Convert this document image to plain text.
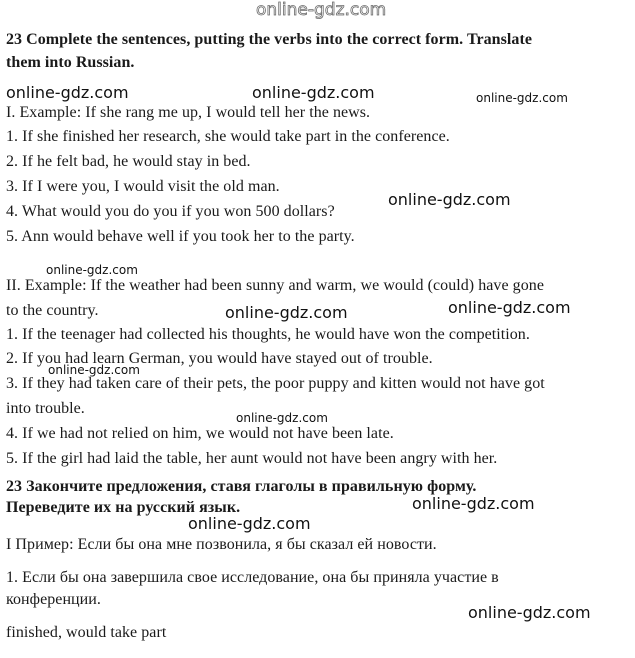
online-gdz.com
23 Complete the sentences, putting the verbs into the correct form. Translate
them into Russian.
I. Example: If she rang me up, I would tell her the news.
1. If she finished her research, she would take part in the conference.
2. If he felt bad, he would stay in bed.
3. If I were you, I would visit the old man.
4. What would you do you if you won 500 dollars?
5. Ann would behave well if you took her to the party.
II. Example: If the weather had been sunny and warm, we would (could) have gone
to the country.
1. If the teenager had collected his thoughts, he would have won the competition.
2. If you had learn German, you would have stayed out of trouble.
3. If they had taken care of their pets, the poor puppy and kitten would not have got
into trouble.
4. If we had not relied on him, we would not have been late.
5. If the girl had laid the table, her aunt would not have been angry with her.
23 Закончите предложения, ставя глаголы в правильную форму.
Переведите их на русский язык.
I Пример: Если бы она мне позвонила, я бы сказал ей новости.
1. Если бы она завершила свое исследование, она бы приняла участие в
конференции.
finished, would take part
online-gdz.com	online-gdz.com	online-gdz.com
online-gdz.com
online-gdz.com
online-gdz.com	online-gdz.com
online-gdz.com
online-gdz.com
online-gdz.com
online-gdz.com
online-gdz.com
